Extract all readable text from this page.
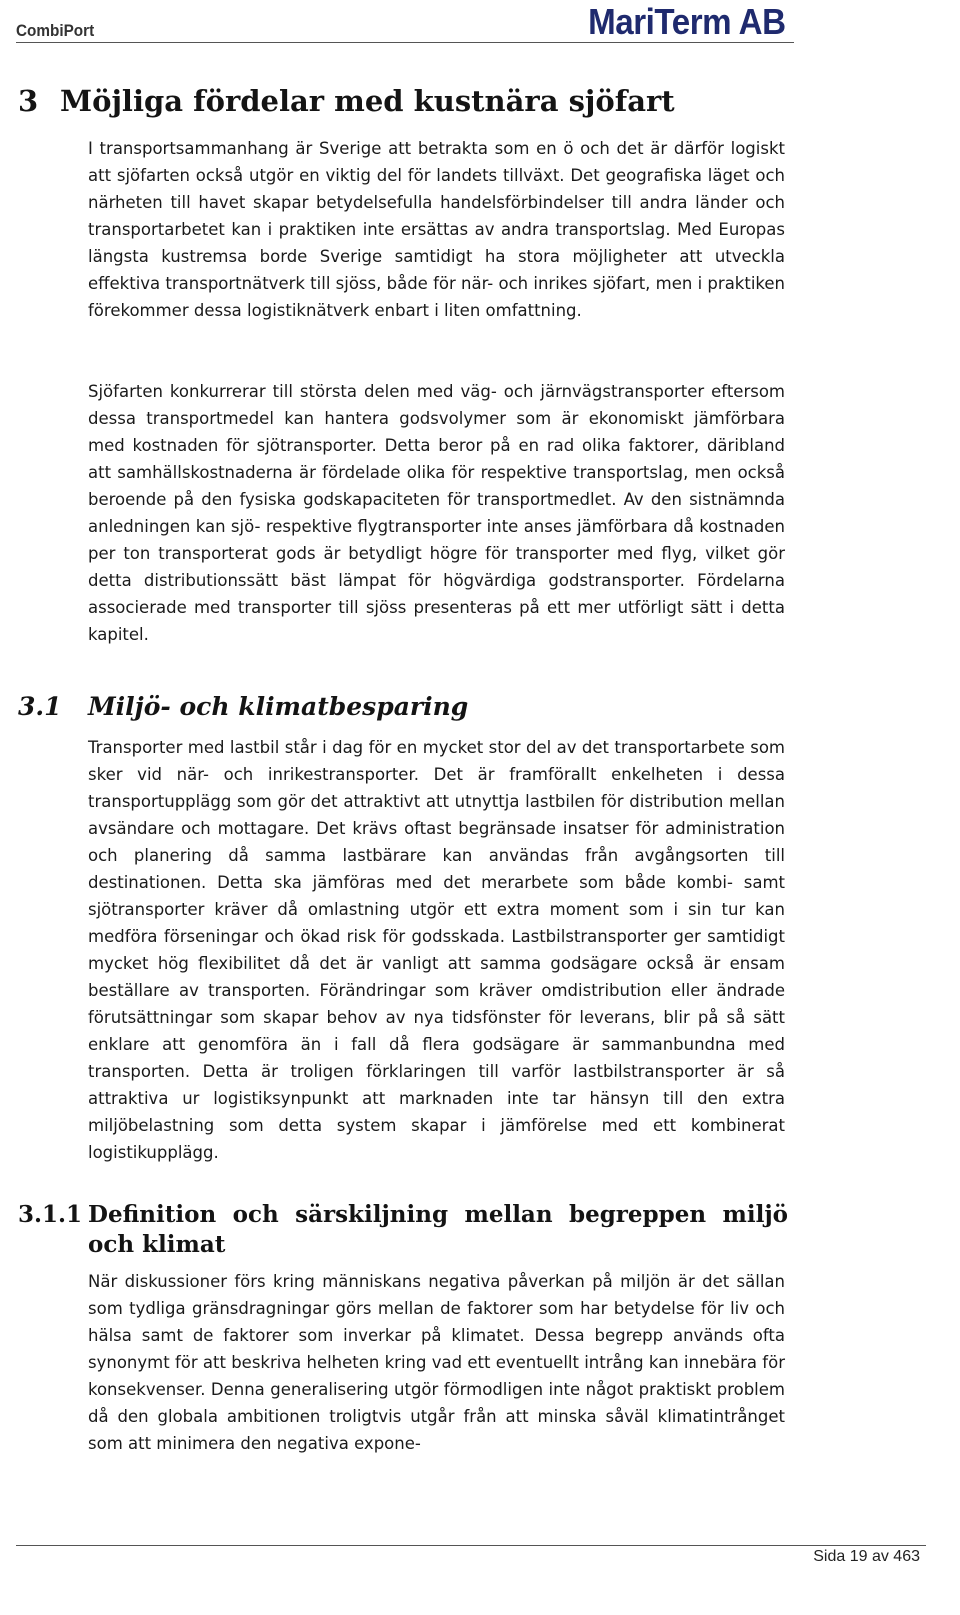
CombiPort	MariTerm AB
3 Möjliga fördelar med kustnära sjöfart

I transportsammanhang är Sverige att betrakta som en ö och det är därför logiskt att sjöfarten också utgör en viktig del för landets tillväxt. Det geografiska läget och närheten till havet skapar betydelsefulla handelsförbindelser till andra länder och transportarbetet kan i praktiken inte ersättas av andra transportslag. Med Europas längsta kustremsa borde Sverige samtidigt ha stora möjligheter att utveckla effektiva transportnätverk till sjöss, både för när- och inrikes sjöfart, men i praktiken förekommer dessa logistiknätverk enbart i liten omfattning.

Sjöfarten konkurrerar till största delen med väg- och järnvägstransporter eftersom dessa transportmedel kan hantera godsvolymer som är ekonomiskt jämförbara med kostnaden för sjötransporter. Detta beror på en rad olika faktorer, däribland att samhällskostnaderna är fördelade olika för respektive transportslag, men också beroende på den fysiska godskapaciteten för transportmedlet. Av den sistnämnda anledningen kan sjö- respektive flygtransporter inte anses jämförbara då kostnaden per ton transporterat gods är betydligt högre för transporter med flyg, vilket gör detta distributionssätt bäst lämpat för högvärdiga godstransporter. Fördelarna associerade med transporter till sjöss presenteras på ett mer utförligt sätt i detta kapitel.

3.1 Miljö- och klimatbesparing

Transporter med lastbil står i dag för en mycket stor del av det transportarbete som sker vid när- och inrikestransporter. Det är framförallt enkelheten i dessa transportupplägg som gör det attraktivt att utnyttja lastbilen för distribution mellan avsändare och mottagare. Det krävs oftast begränsade insatser för administration och planering då samma lastbärare kan användas från avgångsorten till destinationen. Detta ska jämföras med det merarbete som både kombi- samt sjötransporter kräver då omlastning utgör ett extra moment som i sin tur kan medföra förseningar och ökad risk för godsskada. Lastbilstransporter ger samtidigt mycket hög flexibilitet då det är vanligt att samma godsägare också är ensam beställare av transporten. Förändringar som kräver omdistribution eller ändrade förutsättningar som skapar behov av nya tidsfönster för leverans, blir på så sätt enklare att genomföra än i fall då flera godsägare är sammanbundna med transporten. Detta är troligen förklaringen till varför lastbilstransporter är så attraktiva ur logistiksynpunkt att marknaden inte tar hänsyn till den extra miljöbelastning som detta system skapar i jämförelse med ett kombinerat logistikupplägg.

3.1.1 Definition och särskiljning mellan begreppen miljö och klimat

När diskussioner förs kring människans negativa påverkan på miljön är det sällan som tydliga gränsdragningar görs mellan de faktorer som har betydelse för liv och hälsa samt de faktorer som inverkar på klimatet. Dessa begrepp används ofta synonymt för att beskriva helheten kring vad ett eventuellt intrång kan innebära för konsekvenser. Denna generalisering utgör förmodligen inte något praktiskt problem då den globala ambitionen troligtvis utgår från att minska såväl klimatintrånget som att minimera den negativa expone-

Sida 19 av 463
